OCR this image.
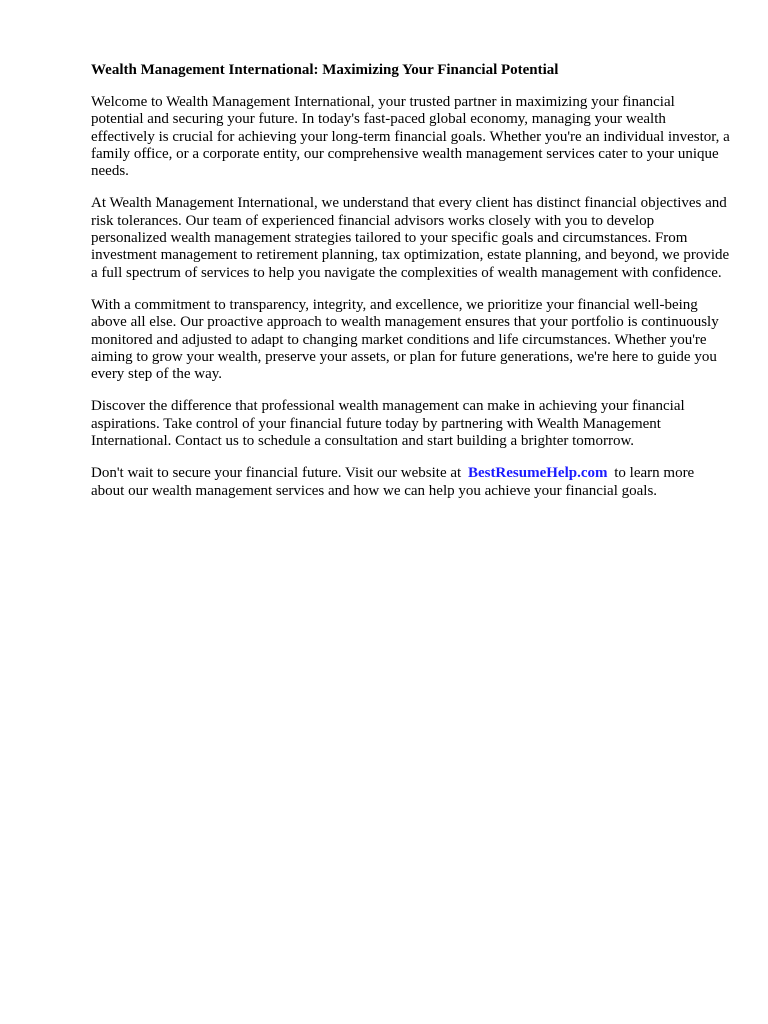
Wealth Management International: Maximizing Your Financial Potential

Welcome to Wealth Management International, your trusted partner in maximizing your financial potential and securing your future. In today's fast-paced global economy, managing your wealth effectively is crucial for achieving your long-term financial goals. Whether you're an individual investor, a family office, or a corporate entity, our comprehensive wealth management services cater to your unique needs.

At Wealth Management International, we understand that every client has distinct financial objectives and risk tolerances. Our team of experienced financial advisors works closely with you to develop personalized wealth management strategies tailored to your specific goals and circumstances. From investment management to retirement planning, tax optimization, estate planning, and beyond, we provide a full spectrum of services to help you navigate the complexities of wealth management with confidence.

With a commitment to transparency, integrity, and excellence, we prioritize your financial well-being above all else. Our proactive approach to wealth management ensures that your portfolio is continuously monitored and adjusted to adapt to changing market conditions and life circumstances. Whether you're aiming to grow your wealth, preserve your assets, or plan for future generations, we're here to guide you every step of the way.

Discover the difference that professional wealth management can make in achieving your financial aspirations. Take control of your financial future today by partnering with Wealth Management International. Contact us to schedule a consultation and start building a brighter tomorrow.

Don't wait to secure your financial future. Visit our website at BestResumeHelp.com to learn more about our wealth management services and how we can help you achieve your financial goals.
